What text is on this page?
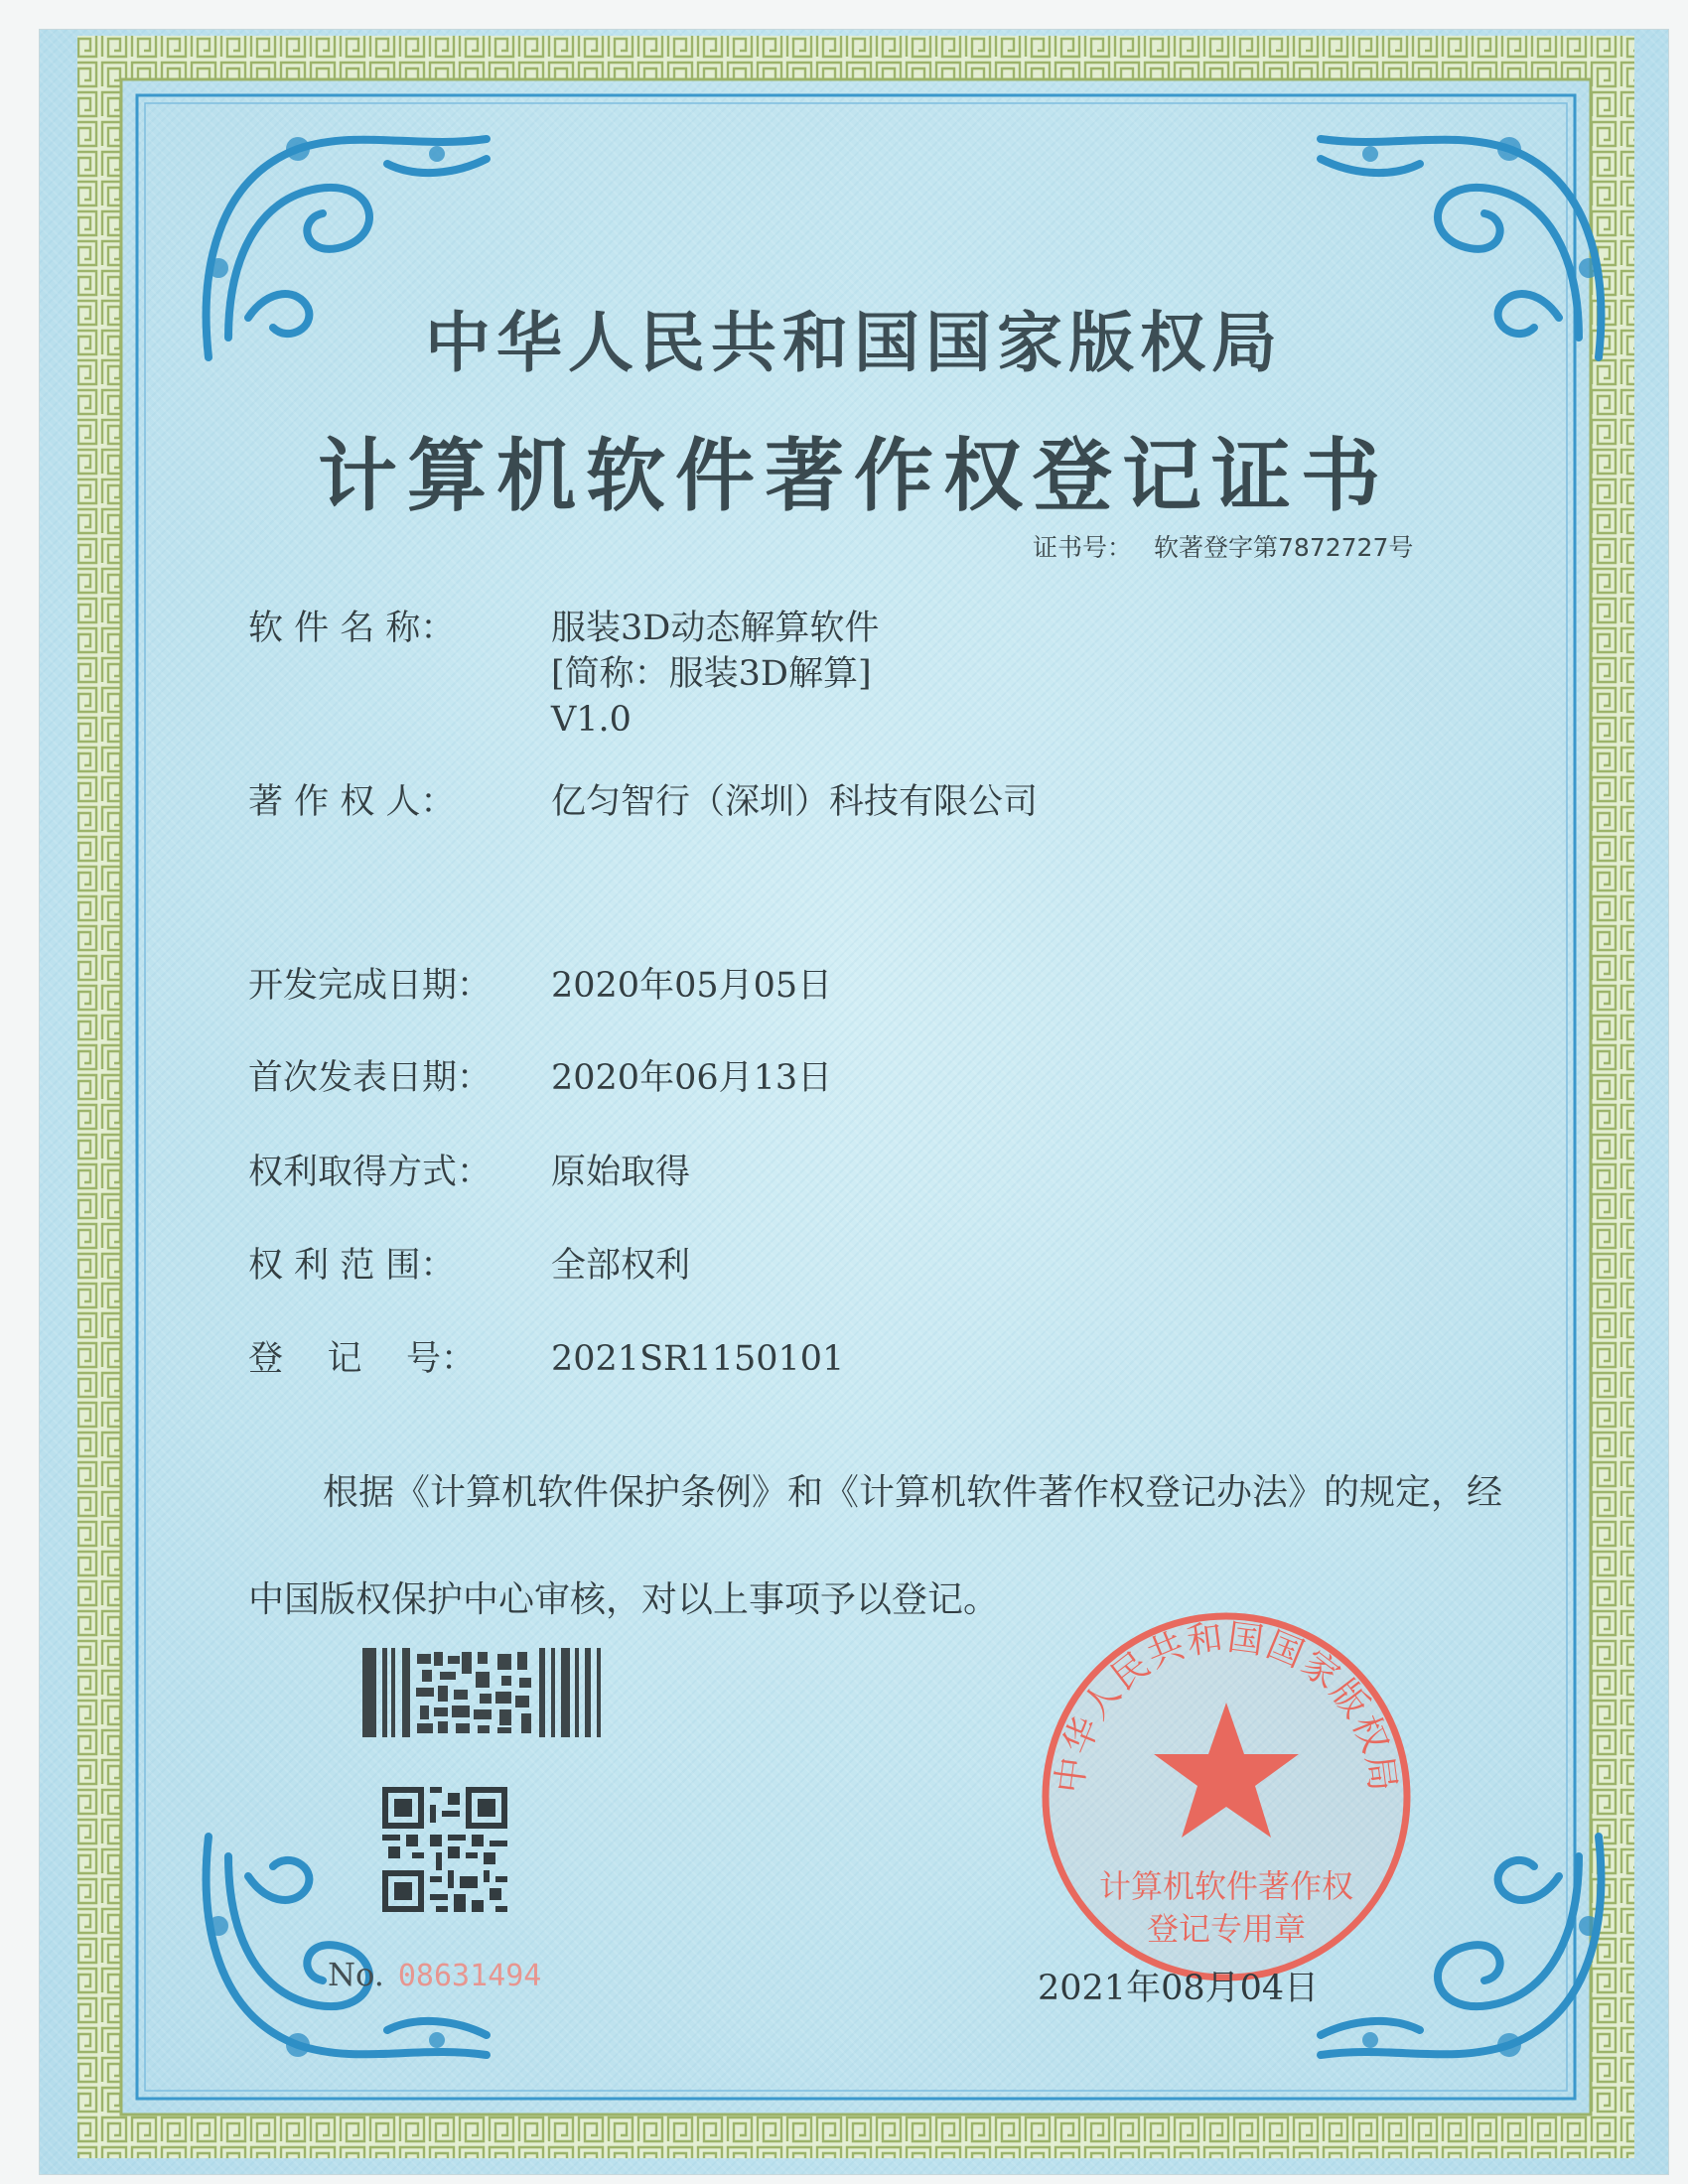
中华人民共和国国家版权局
计算机软件著作权登记证书
证书号： 软著登字第7872727号
软 件 名 称：	服装3D动态解算软件
[简称：服装3D解算]
V1.0
著 作 权 人：	亿匀智行（深圳）科技有限公司
开发完成日期：	2020年05月05日
首次发表日期：	2020年06月13日
权利取得方式：	原始取得
权 利 范 围：	全部权利
登    记    号：	2021SR1150101
根据《计算机软件保护条例》和《计算机软件著作权登记办法》的规定，经中国版权保护中心审核，对以上事项予以登记。
No. 08631494
中华人民共和国国家版权局
计算机软件著作权
登记专用章
2021年08月04日
